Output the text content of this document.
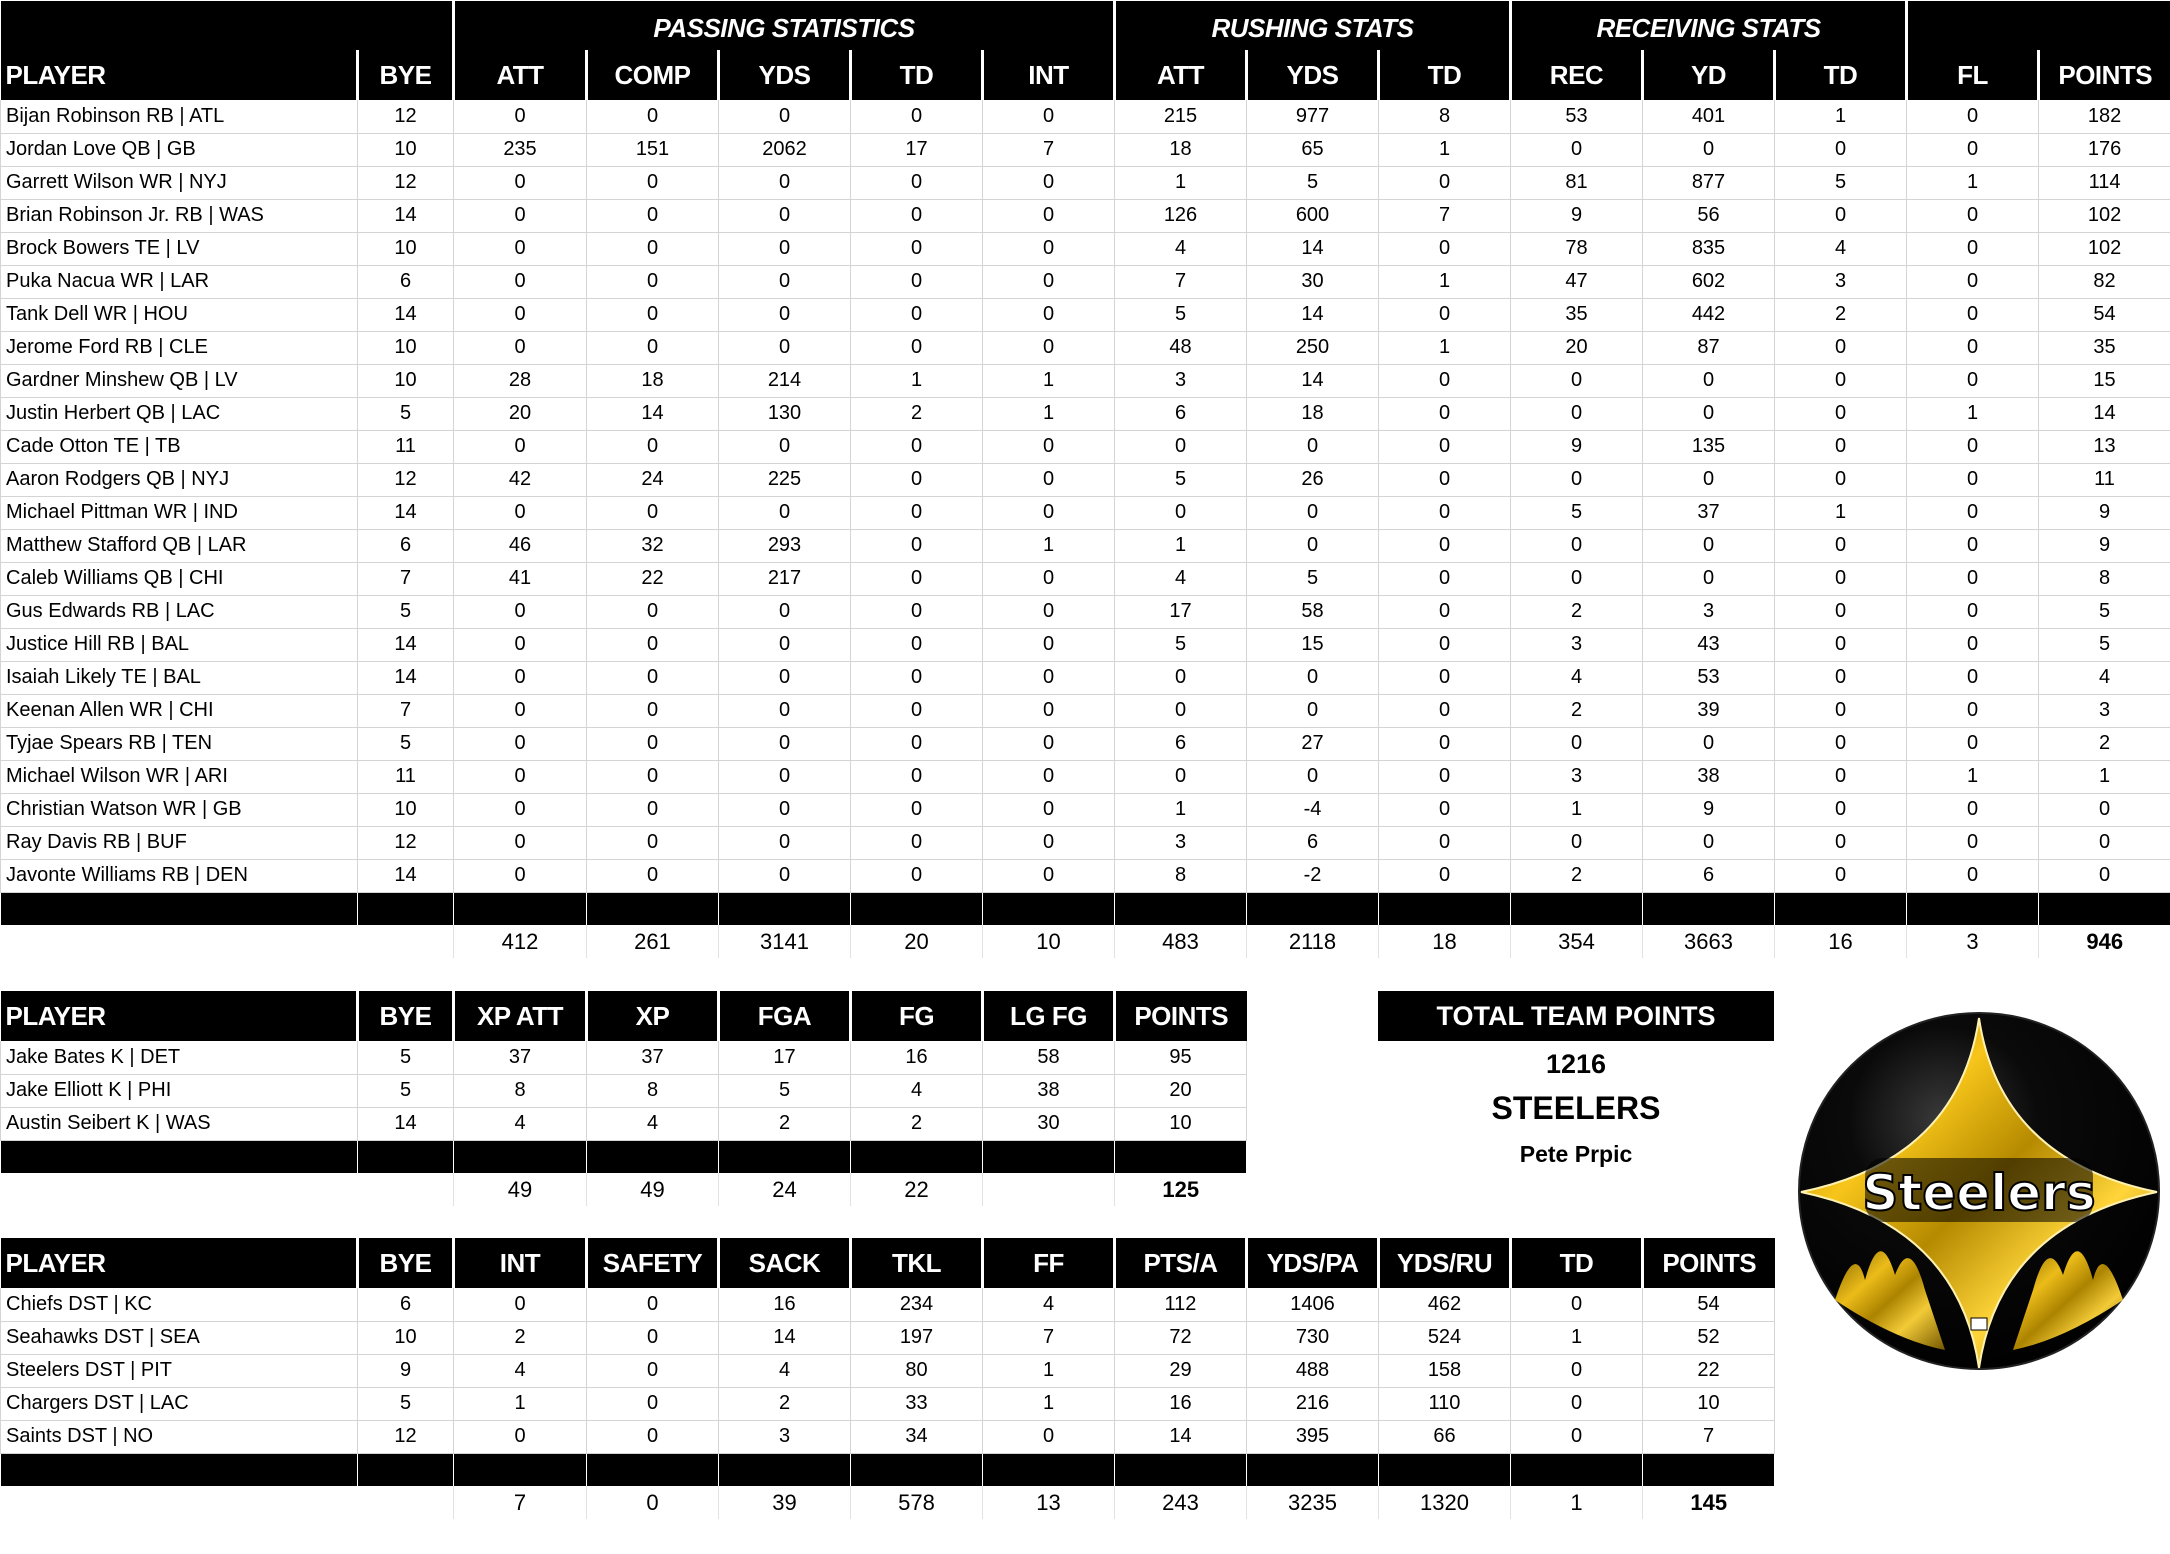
		PASSING STATISTICS					RUSHING STATS			RECEIVING STATS				
PLAYER	BYE	ATT	COMP	YDS	TD	INT	ATT	YDS	TD	REC	YD	TD	FL	POINTS
Bijan Robinson RB | ATL	12	0	0	0	0	0	215	977	8	53	401	1	0	182
Jordan Love QB | GB	10	235	151	2062	17	7	18	65	1	0	0	0	0	176
Garrett Wilson WR | NYJ	12	0	0	0	0	0	1	5	0	81	877	5	1	114
Brian Robinson Jr. RB | WAS	14	0	0	0	0	0	126	600	7	9	56	0	0	102
Brock Bowers TE | LV	10	0	0	0	0	0	4	14	0	78	835	4	0	102
Puka Nacua WR | LAR	6	0	0	0	0	0	7	30	1	47	602	3	0	82
Tank Dell WR | HOU	14	0	0	0	0	0	5	14	0	35	442	2	0	54
Jerome Ford RB | CLE	10	0	0	0	0	0	48	250	1	20	87	0	0	35
Gardner Minshew QB | LV	10	28	18	214	1	1	3	14	0	0	0	0	0	15
Justin Herbert QB | LAC	5	20	14	130	2	1	6	18	0	0	0	0	1	14
Cade Otton TE | TB	11	0	0	0	0	0	0	0	0	9	135	0	0	13
Aaron Rodgers QB | NYJ	12	42	24	225	0	0	5	26	0	0	0	0	0	11
Michael Pittman WR | IND	14	0	0	0	0	0	0	0	0	5	37	1	0	9
Matthew Stafford QB | LAR	6	46	32	293	0	1	1	0	0	0	0	0	0	9
Caleb Williams QB | CHI	7	41	22	217	0	0	4	5	0	0	0	0	0	8
Gus Edwards RB | LAC	5	0	0	0	0	0	17	58	0	2	3	0	0	5
Justice Hill RB | BAL	14	0	0	0	0	0	5	15	0	3	43	0	0	5
Isaiah Likely TE | BAL	14	0	0	0	0	0	0	0	0	4	53	0	0	4
Keenan Allen WR | CHI	7	0	0	0	0	0	0	0	0	2	39	0	0	3
Tyjae Spears RB | TEN	5	0	0	0	0	0	6	27	0	0	0	0	0	2
Michael Wilson WR | ARI	11	0	0	0	0	0	0	0	0	3	38	0	1	1
Christian Watson WR | GB	10	0	0	0	0	0	1	-4	0	1	9	0	0	0
Ray Davis RB | BUF	12	0	0	0	0	0	3	6	0	0	0	0	0	0
Javonte Williams RB | DEN	14	0	0	0	0	0	8	-2	0	2	6	0	0	0

		412	261	3141	20	10	483	2118	18	354	3663	16	3	946
PLAYER	BYE	XP ATT	XP	FGA	FG	LG FG	POINTS
Jake Bates K | DET	5	37	37	17	16	58	95
Jake Elliott K | PHI	5	8	8	5	4	38	20
Austin Seibert K | WAS	14	4	4	2	2	30	10

		49	49	24	22		125
PLAYER	BYE	INT	SAFETY	SACK	TKL	FF	PTS/A	YDS/PA	YDS/RU	TD	POINTS
Chiefs DST | KC	6	0	0	16	234	4	112	1406	462	0	54
Seahawks DST | SEA	10	2	0	14	197	7	72	730	524	1	52
Steelers DST | PIT	9	4	0	4	80	1	29	488	158	0	22
Chargers DST | LAC	5	1	0	2	33	1	16	216	110	0	10
Saints DST | NO	12	0	0	3	34	0	14	395	66	0	7

		7	0	39	578	13	243	3235	1320	1	145
TOTAL TEAM POINTS
1216
STEELERS
Pete Prpic
Steelers
